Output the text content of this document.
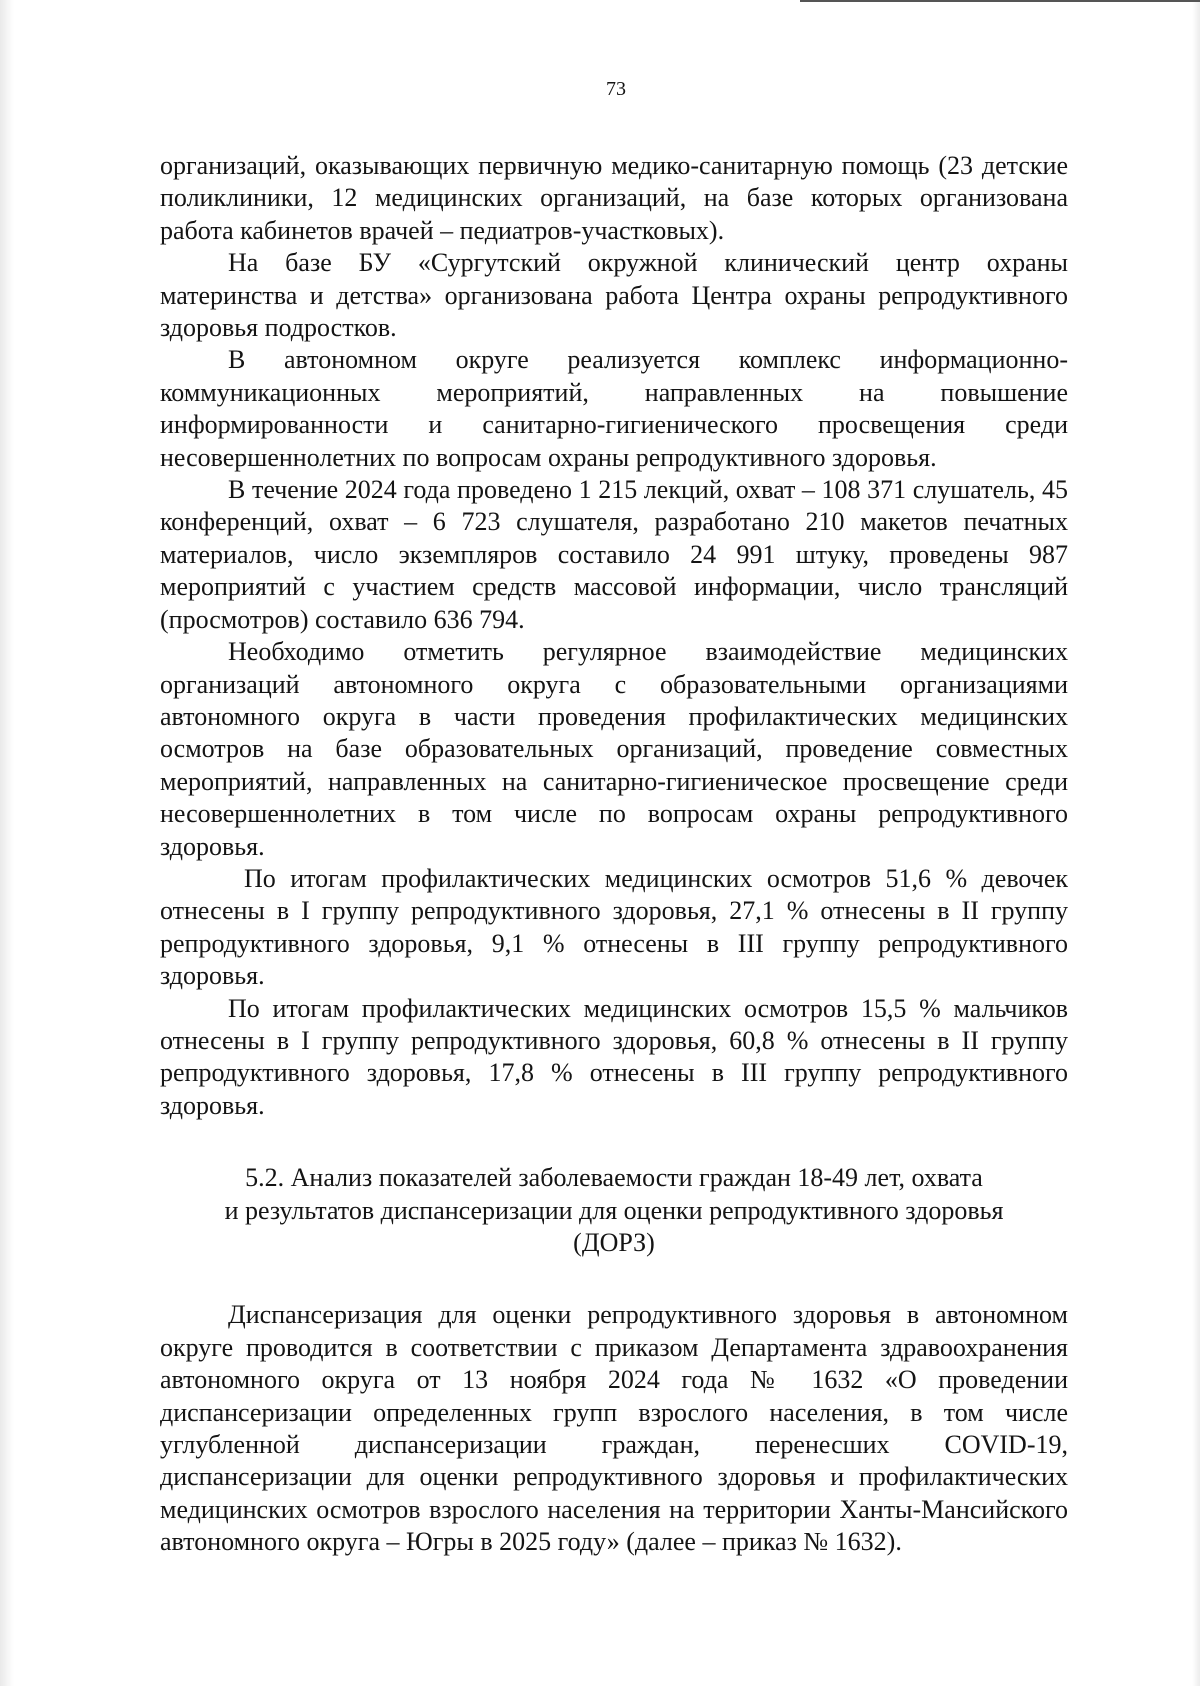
73

организаций, оказывающих первичную медико-санитарную помощь (23 детские поликлиники, 12 медицинских организаций, на базе которых организована работа кабинетов врачей – педиатров-участковых).

На базе БУ «Сургутский окружной клинический центр охраны материнства и детства» организована работа Центра охраны репродуктивного здоровья подростков.

В автономном округе реализуется комплекс информационно-коммуникационных мероприятий, направленных на повышение информированности и санитарно-гигиенического просвещения среди несовершеннолетних по вопросам охраны репродуктивного здоровья.

В течение 2024 года проведено 1 215 лекций, охват – 108 371 слушатель, 45 конференций, охват – 6 723 слушателя, разработано 210 макетов печатных материалов, число экземпляров составило 24 991 штуку, проведены 987 мероприятий с участием средств массовой информации, число трансляций (просмотров) составило 636 794.

Необходимо отметить регулярное взаимодействие медицинских организаций автономного округа с образовательными организациями автономного округа в части проведения профилактических медицинских осмотров на базе образовательных организаций, проведение совместных мероприятий, направленных на санитарно-гигиеническое просвещение среди несовершеннолетних в том числе по вопросам охраны репродуктивного здоровья.

По итогам профилактических медицинских осмотров 51,6 % девочек отнесены в I группу репродуктивного здоровья, 27,1 % отнесены в II группу репродуктивного здоровья, 9,1 % отнесены в III группу репродуктивного здоровья.

По итогам профилактических медицинских осмотров 15,5 % мальчиков отнесены в I группу репродуктивного здоровья, 60,8 % отнесены в II группу репродуктивного здоровья, 17,8 % отнесены в III группу репродуктивного здоровья.

5.2. Анализ показателей заболеваемости граждан 18-49 лет, охвата
и результатов диспансеризации для оценки репродуктивного здоровья
(ДОРЗ)

Диспансеризация для оценки репродуктивного здоровья в автономном округе проводится в соответствии с приказом Департамента здравоохранения автономного округа от 13 ноября 2024 года № 1632 «О проведении диспансеризации определенных групп взрослого населения, в том числе углубленной диспансеризации граждан, перенесших COVID-19, диспансеризации для оценки репродуктивного здоровья и профилактических медицинских осмотров взрослого населения на территории Ханты-Мансийского автономного округа – Югры в 2025 году» (далее – приказ № 1632).
